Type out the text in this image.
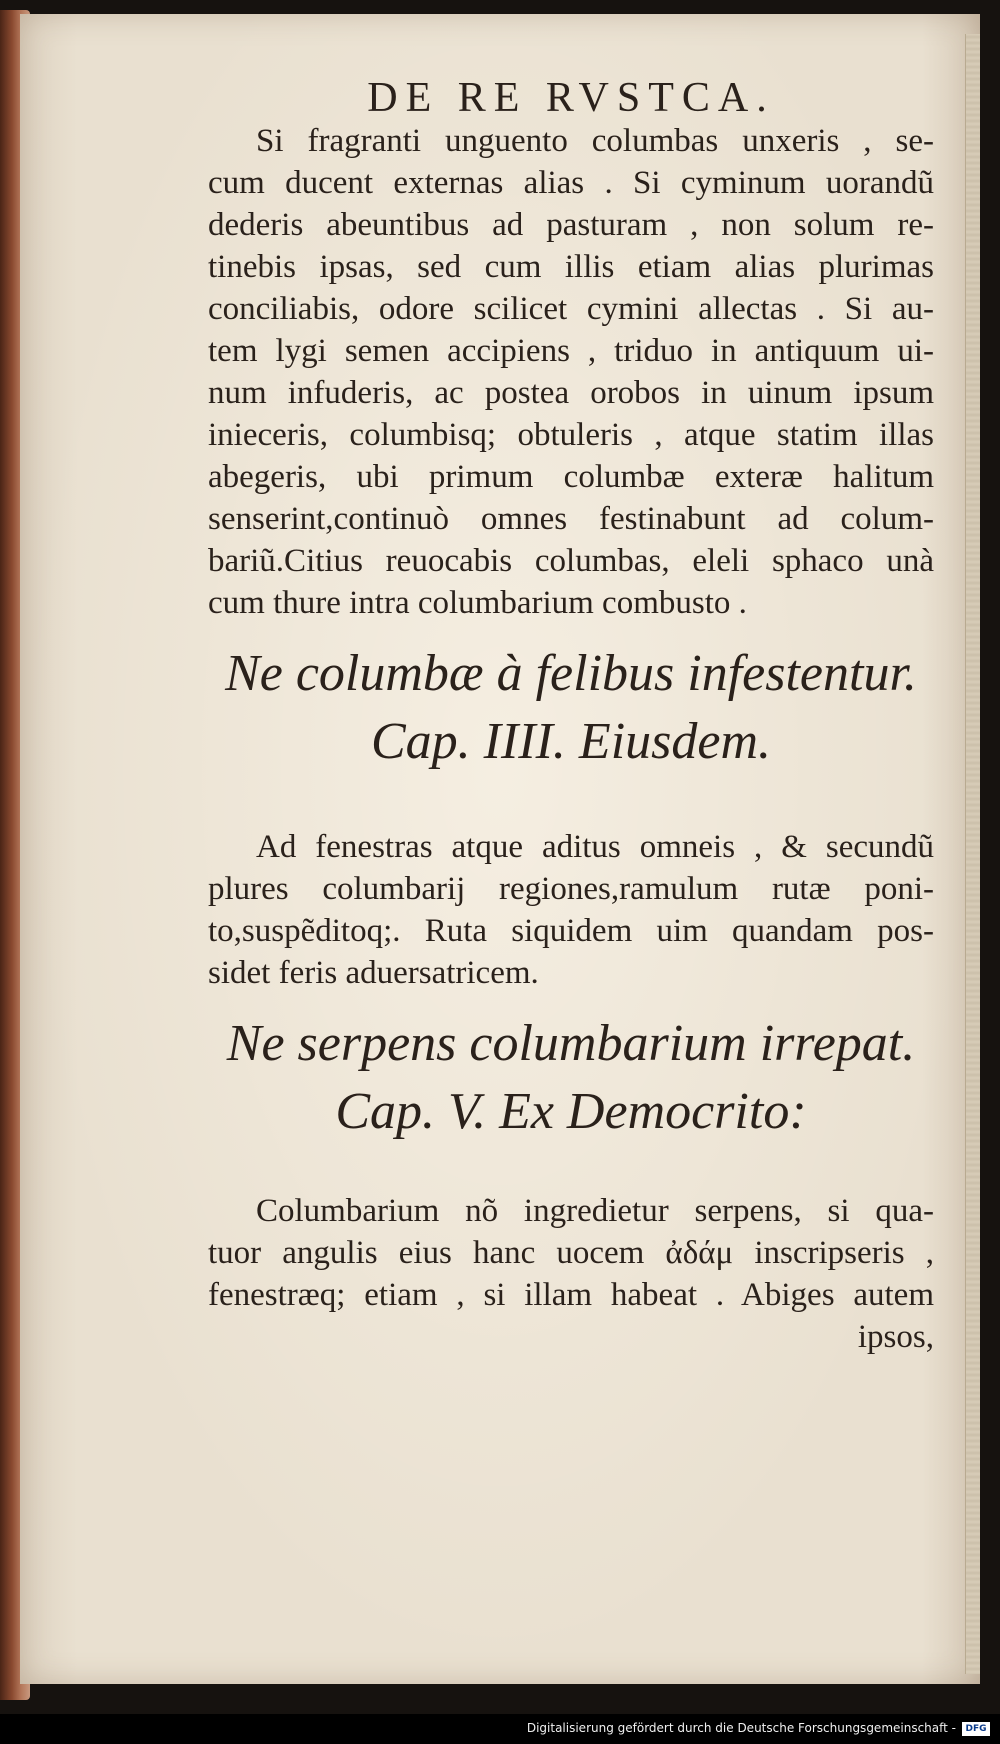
DE RE RVSTCA.

Si fragranti unguento columbas unxeris , se-
cum ducent externas alias . Si cyminum uorandũ
dederis abeuntibus ad pasturam , non solum re-
tinebis ipsas, sed cum illis etiam alias plurimas
conciliabis, odore scilicet cymini allectas . Si au-
tem lygi semen accipiens , triduo in antiquum ui-
num infuderis, ac postea orobos in uinum ipsum
inieceris, columbisq; obtuleris , atque statim illas
abegeris, ubi primum columbæ exteræ halitum
senserint,continuò omnes festinabunt ad colum-
bariũ.Citius reuocabis columbas, eleli sphaco unà
cum thure intra columbarium combusto .

Ne columbæ à felibus infestentur.
Cap. IIII. Eiusdem.

Ad fenestras atque aditus omneis , & secundũ
plures columbarij regiones,ramulum rutæ poni-
to,suspẽditoq;. Ruta siquidem uim quandam pos-
sidet feris aduersatricem.

Ne serpens columbarium irrepat.
Cap. V. Ex Democrito:

Columbarium nõ ingredietur serpens, si qua-
tuor angulis eius hanc uocem ἀδάμ inscripseris ,
fenestræq; etiam , si illam habeat . Abiges autem
ipsos,

Digitalisierung gefördert durch die Deutsche Forschungsgemeinschaft -	DFG
